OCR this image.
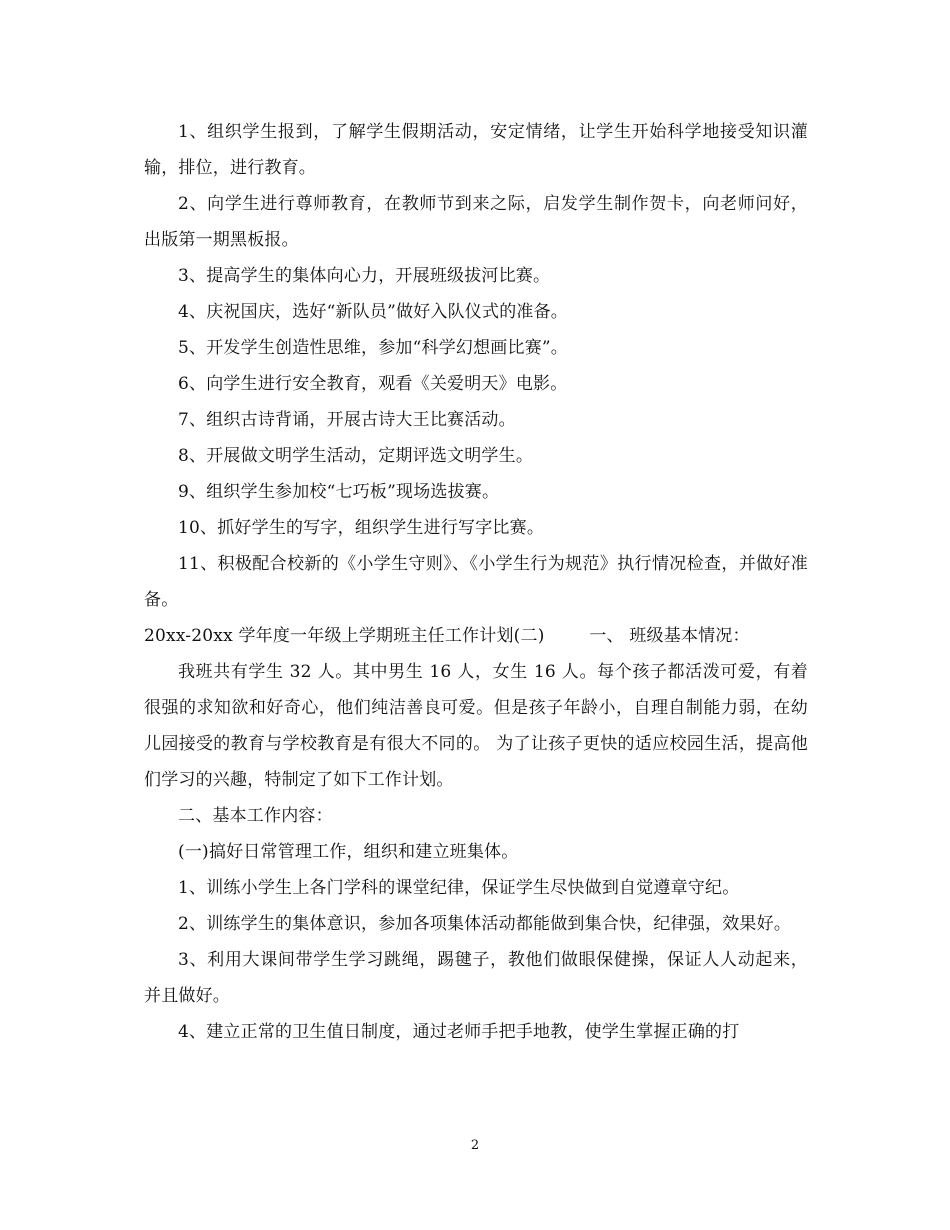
1、组织学生报到，了解学生假期活动，安定情绪，让学生开始科学地接受知识灌输，排位，进行教育。

2、向学生进行尊师教育，在教师节到来之际，启发学生制作贺卡，向老师问好，出版第一期黑板报。

3、提高学生的集体向心力，开展班级拔河比赛。

4、庆祝国庆，选好“新队员”做好入队仪式的准备。

5、开发学生创造性思维，参加“科学幻想画比赛”。

6、向学生进行安全教育，观看《关爱明天》电影。

7、组织古诗背诵，开展古诗大王比赛活动。

8、开展做文明学生活动，定期评选文明学生。

9、组织学生参加校“七巧板”现场选拔赛。

10、抓好学生的写字，组织学生进行写字比赛。

11、积极配合校新的《小学生守则》、《小学生行为规范》执行情况检查，并做好准备。

20xx-20xx 学年度一年级上学期班主任工作计划(二)        一、 班级基本情况：

我班共有学生 32 人。其中男生 16 人，女生 16 人。每个孩子都活泼可爱，有着很强的求知欲和好奇心，他们纯洁善良可爱。但是孩子年龄小，自理自制能力弱，在幼儿园接受的教育与学校教育是有很大不同的。 为了让孩子更快的适应校园生活，提高他们学习的兴趣，特制定了如下工作计划。

二、基本工作内容：

(一)搞好日常管理工作，组织和建立班集体。

1、训练小学生上各门学科的课堂纪律，保证学生尽快做到自觉遵章守纪。

2、训练学生的集体意识，参加各项集体活动都能做到集合快，纪律强，效果好。

3、利用大课间带学生学习跳绳，踢毽子，教他们做眼保健操，保证人人动起来，并且做好。

4、建立正常的卫生值日制度，通过老师手把手地教，使学生掌握正确的打

2
